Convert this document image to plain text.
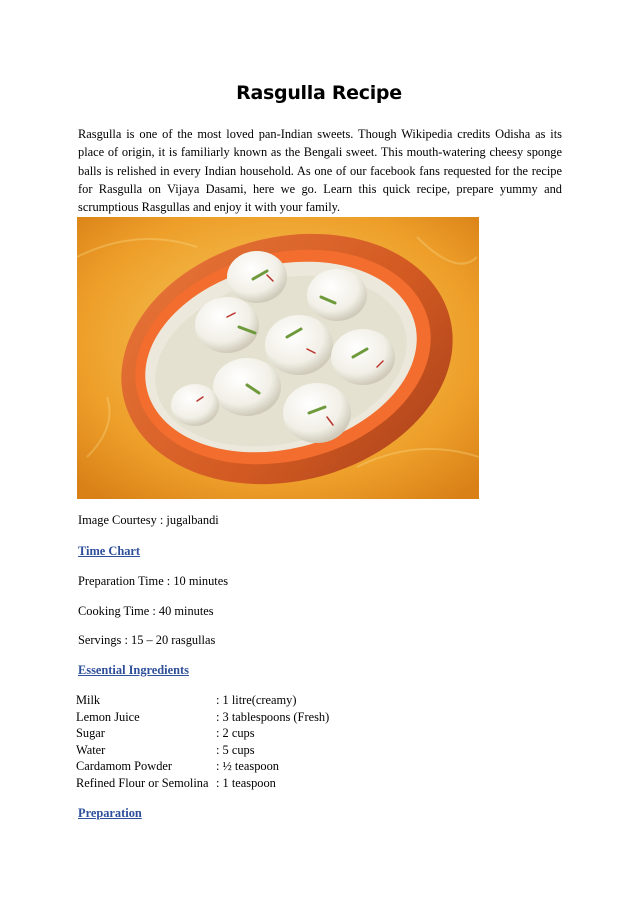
Rasgulla Recipe

Rasgulla is one of the most loved pan-Indian sweets. Though Wikipedia credits Odisha as its place of origin, it is familiarly known as the Bengali sweet. This mouth-watering cheesy sponge balls is relished in every Indian household. As one of our facebook fans requested for the recipe for Rasgulla on Vijaya Dasami, here we go. Learn this quick recipe, prepare yummy and scrumptious Rasgullas and enjoy it with your family.

Image Courtesy : jugalbandi

Time Chart

Preparation Time : 10 minutes

Cooking Time : 40 minutes

Servings : 15 – 20 rasgullas

Essential Ingredients
Milk	: 1 litre(creamy)
Lemon Juice	: 3 tablespoons (Fresh)
Sugar	: 2 cups
Water	: 5 cups
Cardamom Powder	: ½ teaspoon
Refined Flour or Semolina : 1 teaspoon
Preparation
